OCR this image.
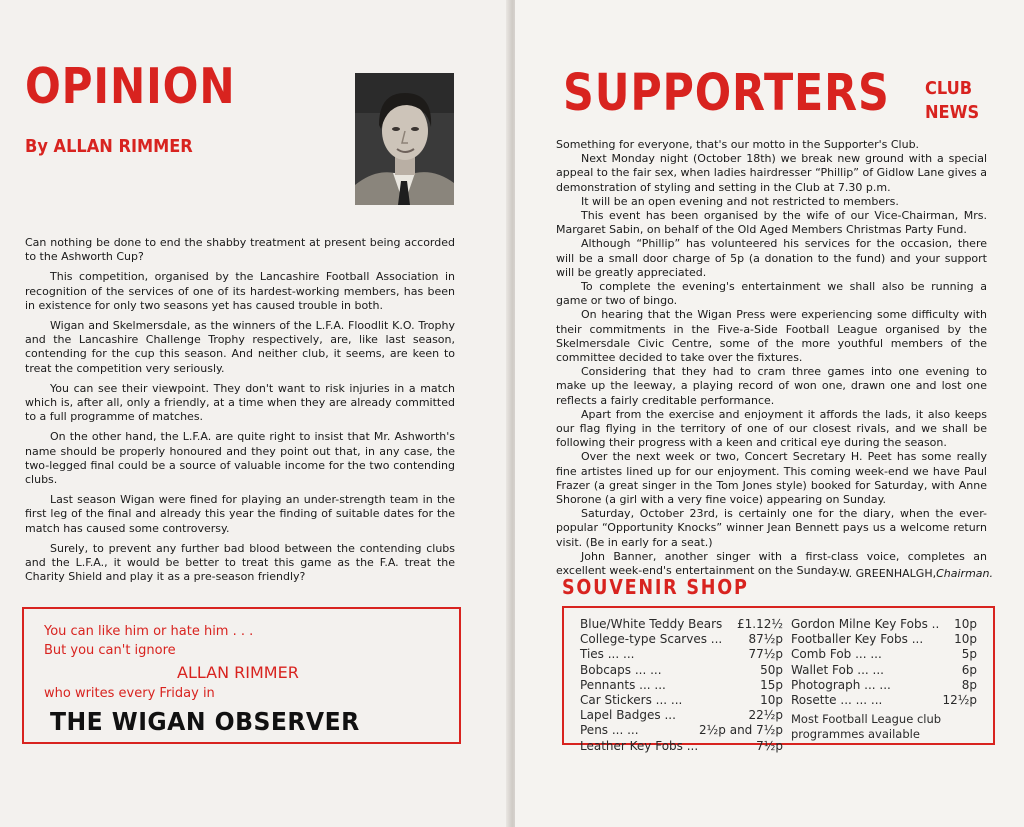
OPINION
By ALLAN RIMMER

Can nothing be done to end the shabby treatment at present being accorded to the Ashworth Cup?

This competition, organised by the Lancashire Football Association in recognition of the services of one of its hardest-working members, has been in existence for only two seasons yet has caused trouble in both.

Wigan and Skelmersdale, as the winners of the L.F.A. Floodlit K.O. Trophy and the Lancashire Challenge Trophy respectively, are, like last season, contending for the cup this season. And neither club, it seems, are keen to treat the competition very seriously.

You can see their viewpoint. They don't want to risk injuries in a match which is, after all, only a friendly, at a time when they are already committed to a full programme of matches.

On the other hand, the L.F.A. are quite right to insist that Mr. Ashworth's name should be properly honoured and they point out that, in any case, the two-legged final could be a source of valuable income for the two contending clubs.

Last season Wigan were fined for playing an under-strength team in the first leg of the final and already this year the finding of suitable dates for the match has caused some controversy.

Surely, to prevent any further bad blood between the contending clubs and the L.F.A., it would be better to treat this game as the F.A. treat the Charity Shield and play it as a pre-season friendly?

You can like him or hate him . . .
But you can't ignore
ALLAN RIMMER
who writes every Friday in
THE WIGAN OBSERVER
SUPPORTERS CLUB
NEWS

Something for everyone, that's our motto in the Supporter's Club.

Next Monday night (October 18th) we break new ground with a special appeal to the fair sex, when ladies hairdresser “Phillip” of Gidlow Lane gives a demonstration of styling and setting in the Club at 7.30 p.m.

It will be an open evening and not restricted to members.

This event has been organised by the wife of our Vice-Chairman, Mrs. Margaret Sabin, on behalf of the Old Aged Members Christmas Party Fund.

Although “Phillip” has volunteered his services for the occasion, there will be a small door charge of 5p (a donation to the fund) and your support will be greatly appreciated.

To complete the evening's entertainment we shall also be running a game or two of bingo.

On hearing that the Wigan Press were experiencing some difficulty with their commitments in the Five-a-Side Football League organised by the Skelmersdale Civic Centre, some of the more youthful members of the committee decided to take over the fixtures.

Considering that they had to cram three games into one evening to make up the leeway, a playing record of won one, drawn one and lost one reflects a fairly creditable performance.

Apart from the exercise and enjoyment it affords the lads, it also keeps our flag flying in the territory of one of our closest rivals, and we shall be following their progress with a keen and critical eye during the season.

Over the next week or two, Concert Secretary H. Peet has some really fine artistes lined up for our enjoyment. This coming week-end we have Paul Frazer (a great singer in the Tom Jones style) booked for Saturday, with Anne Shorone (a girl with a very fine voice) appearing on Sunday.

Saturday, October 23rd, is certainly one for the diary, when the ever-popular “Opportunity Knocks” winner Jean Bennett pays us a welcome return visit. (Be in early for a seat.)

John Banner, another singer with a first-class voice, completes an excellent week-end's entertainment on the Sunday. W. GREENHALGH,Chairman.
SOUVENIR SHOP
Blue/White Teddy Bears £1.12½
College-type Scarves ... 87½p
Ties ... ...	77½p
Bobcaps ... ...	50p
Pennants ... ...	15p
Car Stickers ... ...	10p
Lapel Badges ...	22½p
Pens ... ...	2½p and 7½p
Leather Key Fobs ...	7½p
Gordon Milne Key Fobs .. 10p
Footballer Key Fobs ...	10p
Comb Fob ... ...	5p
Wallet Fob ... ...	6p
Photograph ... ...	8p
Rosette ... ... ...	12½p
Most Football League club
programmes available
